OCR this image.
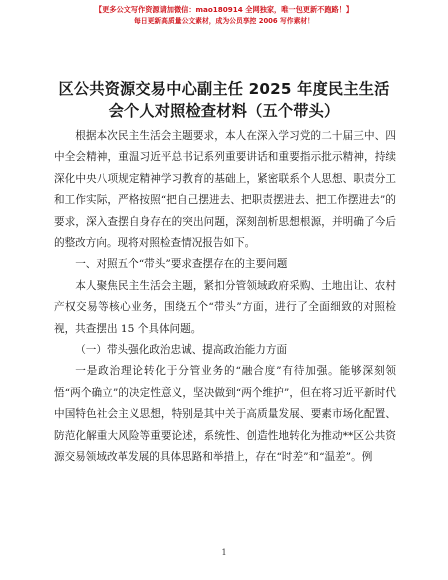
【更多公文写作资源请加微信：mao180914 全网独家，唯一包更新不跑路！】
每日更新高质量公文素材，成为公员享控 2006 写作素材！
区公共资源交易中心副主任 2025 年度民主生活
会个人对照检查材料（五个带头）

根据本次民主生活会主题要求，本人在深入学习党的二十届三中、四中全会精神，重温习近平总书记系列重要讲话和重要指示批示精神，持续深化中央八项规定精神学习教育的基础上，紧密联系个人思想、职责分工和工作实际，严格按照“把自己摆进去、把职责摆进去、把工作摆进去”的要求，深入查摆自身存在的突出问题，深刻剖析思想根源，并明确了今后的整改方向。现将对照检查情况报告如下。

一、对照五个“带头”要求查摆存在的主要问题

本人聚焦民主生活会主题，紧扣分管领域政府采购、土地出让、农村产权交易等核心业务，围绕五个“带头”方面，进行了全面细致的对照检视，共查摆出 15 个具体问题。

（一）带头强化政治忠诚、提高政治能力方面

一是政治理论转化于分管业务的“融合度”有待加强。能够深刻领悟“两个确立”的决定性意义，坚决做到“两个维护”，但在将习近平新时代中国特色社会主义思想，特别是其中关于高质量发展、要素市场化配置、防范化解重大风险等重要论述，系统性、创造性地转化为推动**区公共资源交易领域改革发展的具体思路和举措上，存在“时差”和“温差”。例

1
